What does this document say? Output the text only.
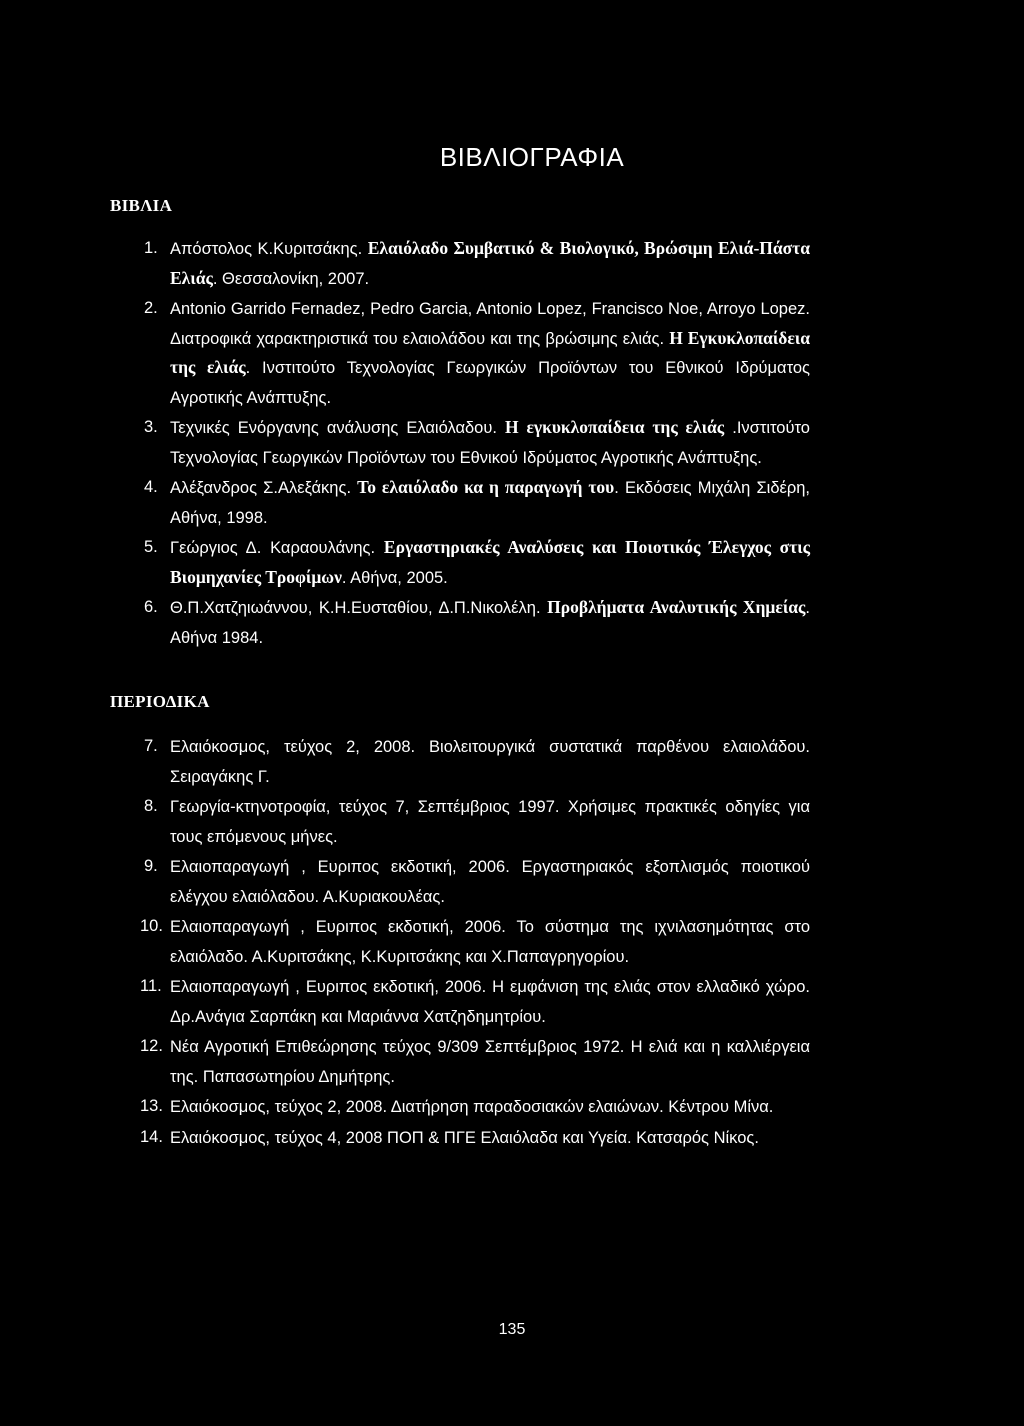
ΒΙΒΛΙΟΓΡΑΦΙΑ
ΒΙΒΛΙΑ
1. Απόστολος Κ.Κυριτσάκης. Ελαιόλαδο Συμβατικό & Βιολογικό, Βρώσιμη Ελιά-Πάστα Ελιάς. Θεσσαλονίκη, 2007.
2. Antonio Garrido Fernadez, Pedro Garcia, Antonio Lopez, Francisco Noe, Arroyo Lopez. Διατροφικά χαρακτηριστικά του ελαιολάδου και της βρώσιμης ελιάς. Η Εγκυκλοπαίδεια της ελιάς. Ινστιτούτο Τεχνολογίας Γεωργικών Προϊόντων του Εθνικού Ιδρύματος Αγροτικής Ανάπτυξης.
3. Τεχνικές Ενόργανης ανάλυσης Ελαιόλαδου. Η εγκυκλοπαίδεια της ελιάς .Ινστιτούτο Τεχνολογίας Γεωργικών Προϊόντων του Εθνικού Ιδρύματος Αγροτικής Ανάπτυξης.
4. Αλέξανδρος Σ.Αλεξάκης. Το ελαιόλαδο κα η παραγωγή του. Εκδόσεις Μιχάλη Σιδέρη, Αθήνα, 1998.
5. Γεώργιος Δ. Καραουλάνης. Εργαστηριακές Αναλύσεις και Ποιοτικός Έλεγχος στις Βιομηχανίες Τροφίμων. Αθήνα, 2005.
6. Θ.Π.Χατζηιωάννου, Κ.Η.Ευσταθίου, Δ.Π.Νικολέλη. Προβλήματα Αναλυτικής Χημείας. Αθήνα 1984.
ΠΕΡΙΟΔΙΚΑ
7. Ελαιόκοσμος, τεύχος 2, 2008. Βιολειτουργικά συστατικά παρθένου ελαιολάδου. Σειραγάκης Γ.
8. Γεωργία-κτηνοτροφία, τεύχος 7, Σεπτέμβριος 1997. Χρήσιμες πρακτικές οδηγίες για τους επόμενους μήνες.
9. Ελαιοπαραγωγή , Ευριπος εκδοτική, 2006. Εργαστηριακός εξοπλισμός ποιοτικού ελέγχου ελαιόλαδου. Α.Κυριακουλέας.
10. Ελαιοπαραγωγή , Ευριπος εκδοτική, 2006. Το σύστημα της ιχνιλασημότητας στο ελαιόλαδο. Α.Κυριτσάκης, Κ.Κυριτσάκης και Χ.Παπαγρηγορίου.
11. Ελαιοπαραγωγή , Ευριπος εκδοτική, 2006. Η εμφάνιση της ελιάς στον ελλαδικό χώρο. Δρ.Ανάγια Σαρπάκη και Μαριάννα Χατζηδημητρίου.
12. Νέα Αγροτική Επιθεώρησης τεύχος 9/309 Σεπτέμβριος 1972. Η ελιά και η καλλιέργεια της. Παπασωτηρίου Δημήτρης.
13. Ελαιόκοσμος, τεύχος 2, 2008. Διατήρηση παραδοσιακών ελαιώνων. Κέντρου Μίνα.
14. Ελαιόκοσμος, τεύχος 4, 2008 ΠΟΠ & ΠΓΕ Ελαιόλαδα και Υγεία. Κατσαρός Νίκος.
135
